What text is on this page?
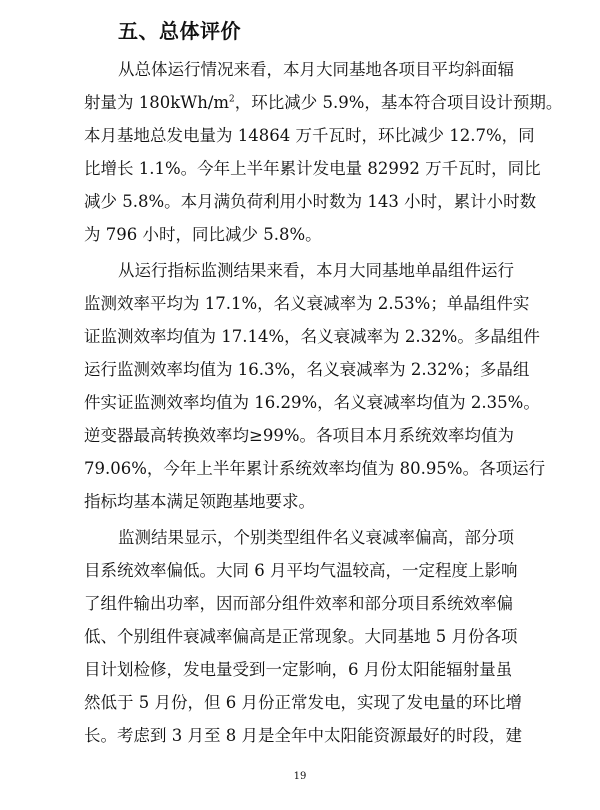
五、总体评价
从总体运行情况来看，本月大同基地各项目平均斜面辐
射量为 $180kWh/m^2$，环比减少 5.9%，基本符合项目设计预期。
本月基地总发电量为 14864 万千瓦时，环比减少 12.7%，同
比增长 1.1%。今年上半年累计发电量 82992 万千瓦时，同比
减少 5.8%。本月满负荷利用小时数为 143 小时，累计小时数
为 796 小时，同比减少 5.8%。
从运行指标监测结果来看，本月大同基地单晶组件运行
监测效率平均为 17.1%，名义衰减率为 2.53%；单晶组件实
证监测效率均值为 17.14%，名义衰减率为 2.32%。多晶组件
运行监测效率均值为 16.3%，名义衰减率为 2.32%；多晶组
件实证监测效率均值为 16.29%，名义衰减率均值为 2.35%。
逆变器最高转换效率均≥99%。各项目本月系统效率均值为
79.06%，今年上半年累计系统效率均值为 80.95%。各项运行
指标均基本满足领跑基地要求。
监测结果显示，个别类型组件名义衰减率偏高，部分项
目系统效率偏低。大同 6 月平均气温较高，一定程度上影响
了组件输出功率，因而部分组件效率和部分项目系统效率偏
低、个别组件衰减率偏高是正常现象。大同基地 5 月份各项
目计划检修，发电量受到一定影响，6 月份太阳能辐射量虽
然低于 5 月份，但 6 月份正常发电，实现了发电量的环比增
长。考虑到 3 月至 8 月是全年中太阳能资源最好的时段，建
19
